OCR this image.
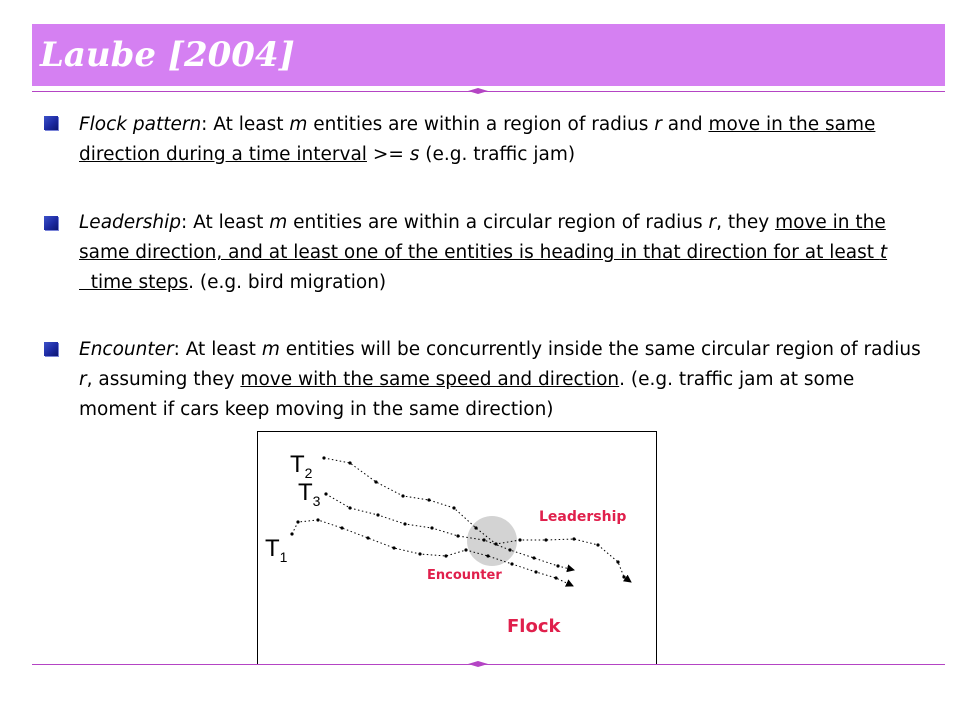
Laube [2004]

Flock pattern: At least m entities are within a region of radius r and move in the same direction during a time interval >= s (e.g. traffic jam)

Leadership: At least m entities are within a circular region of radius r, they move in the same direction, and at least one of the entities is heading in that direction for at least t  time steps. (e.g. bird migration)

Encounter: At least m entities will be concurrently inside the same circular region of radius r, assuming they move with the same speed and direction. (e.g. traffic jam at some moment if cars keep moving in the same direction)

$T_2$
$T_3$
$T_1$
Leadership
Encounter
Flock
